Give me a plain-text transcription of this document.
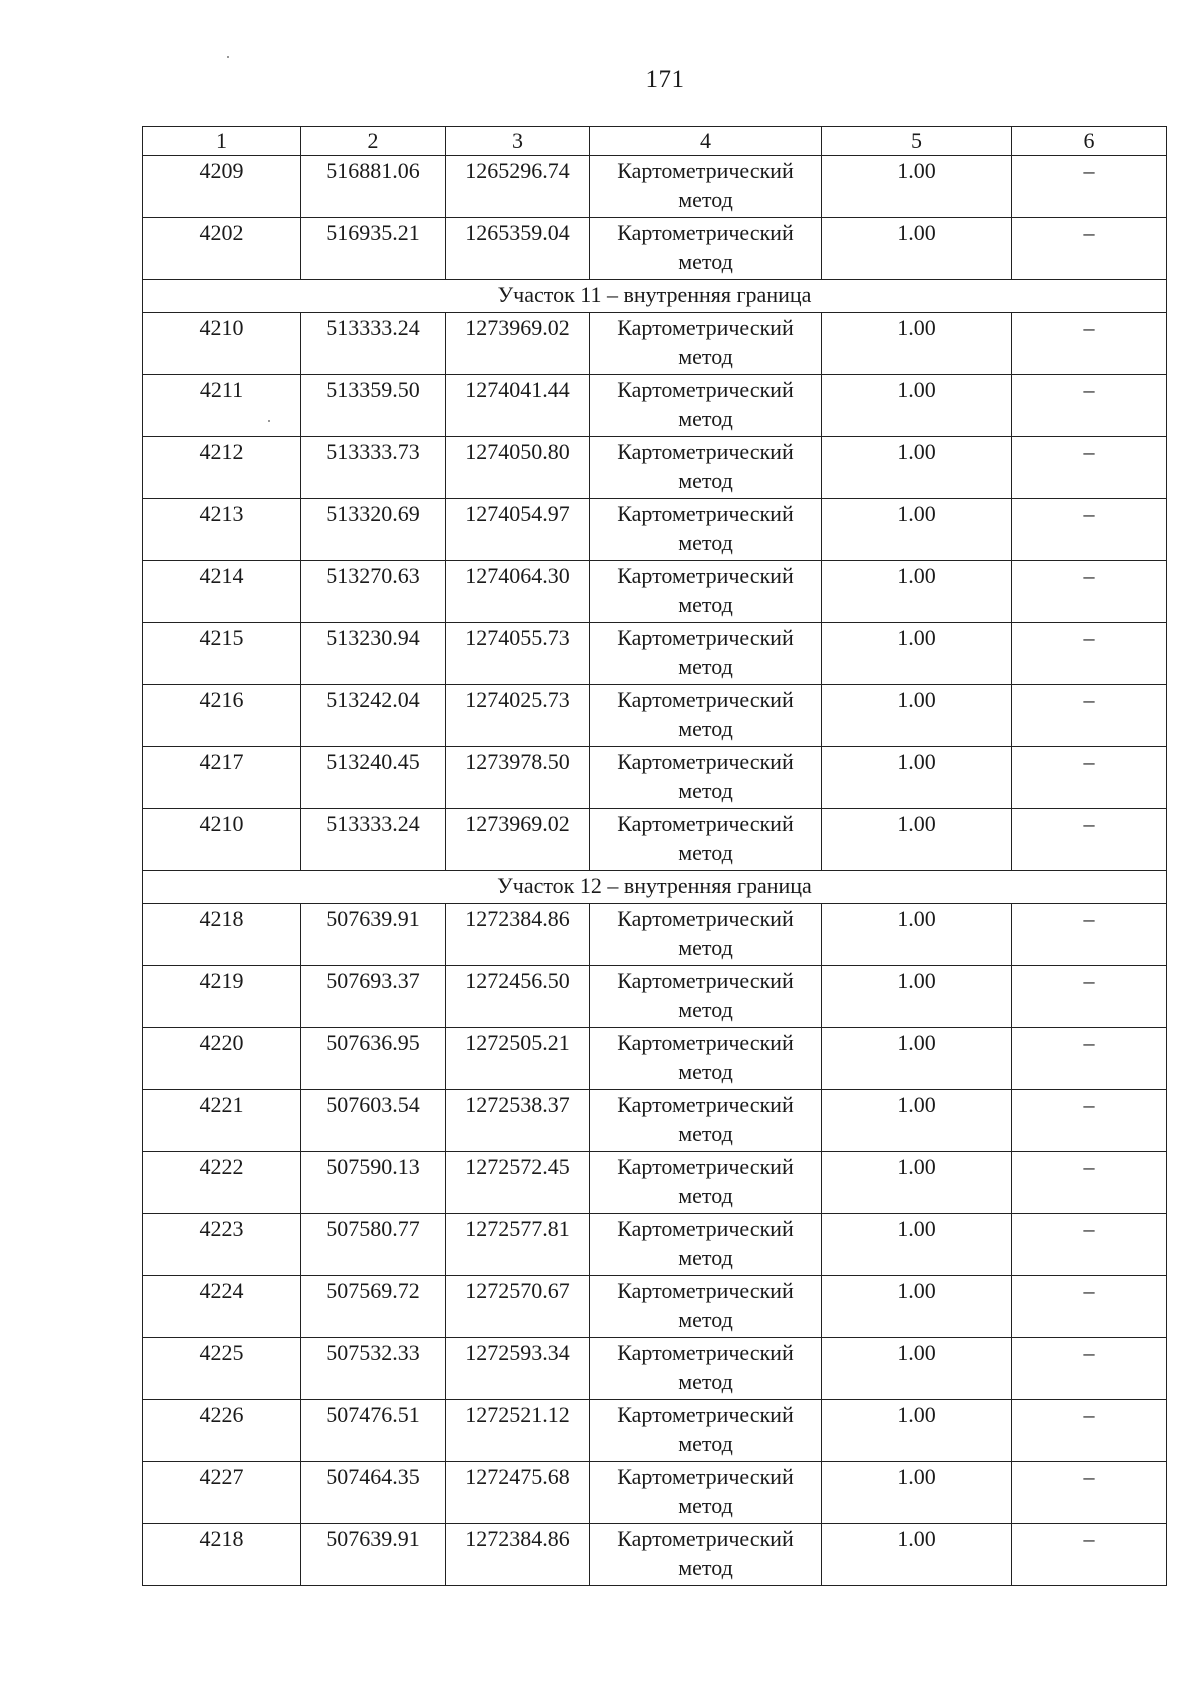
171
1	2	3	4	5	6
4209	516881.06	1265296.74	Картометрический метод	1.00	–
4202	516935.21	1265359.04	Картометрический метод	1.00	–
Участок 11 – внутренняя граница					
4210	513333.24	1273969.02	Картометрический метод	1.00	–
4211	513359.50	1274041.44	Картометрический метод	1.00	–
4212	513333.73	1274050.80	Картометрический метод	1.00	–
4213	513320.69	1274054.97	Картометрический метод	1.00	–
4214	513270.63	1274064.30	Картометрический метод	1.00	–
4215	513230.94	1274055.73	Картометрический метод	1.00	–
4216	513242.04	1274025.73	Картометрический метод	1.00	–
4217	513240.45	1273978.50	Картометрический метод	1.00	–
4210	513333.24	1273969.02	Картометрический метод	1.00	–
Участок 12 – внутренняя граница					
4218	507639.91	1272384.86	Картометрический метод	1.00	–
4219	507693.37	1272456.50	Картометрический метод	1.00	–
4220	507636.95	1272505.21	Картометрический метод	1.00	–
4221	507603.54	1272538.37	Картометрический метод	1.00	–
4222	507590.13	1272572.45	Картометрический метод	1.00	–
4223	507580.77	1272577.81	Картометрический метод	1.00	–
4224	507569.72	1272570.67	Картометрический метод	1.00	–
4225	507532.33	1272593.34	Картометрический метод	1.00	–
4226	507476.51	1272521.12	Картометрический метод	1.00	–
4227	507464.35	1272475.68	Картометрический метод	1.00	–
4218	507639.91	1272384.86	Картометрический метод	1.00	–
